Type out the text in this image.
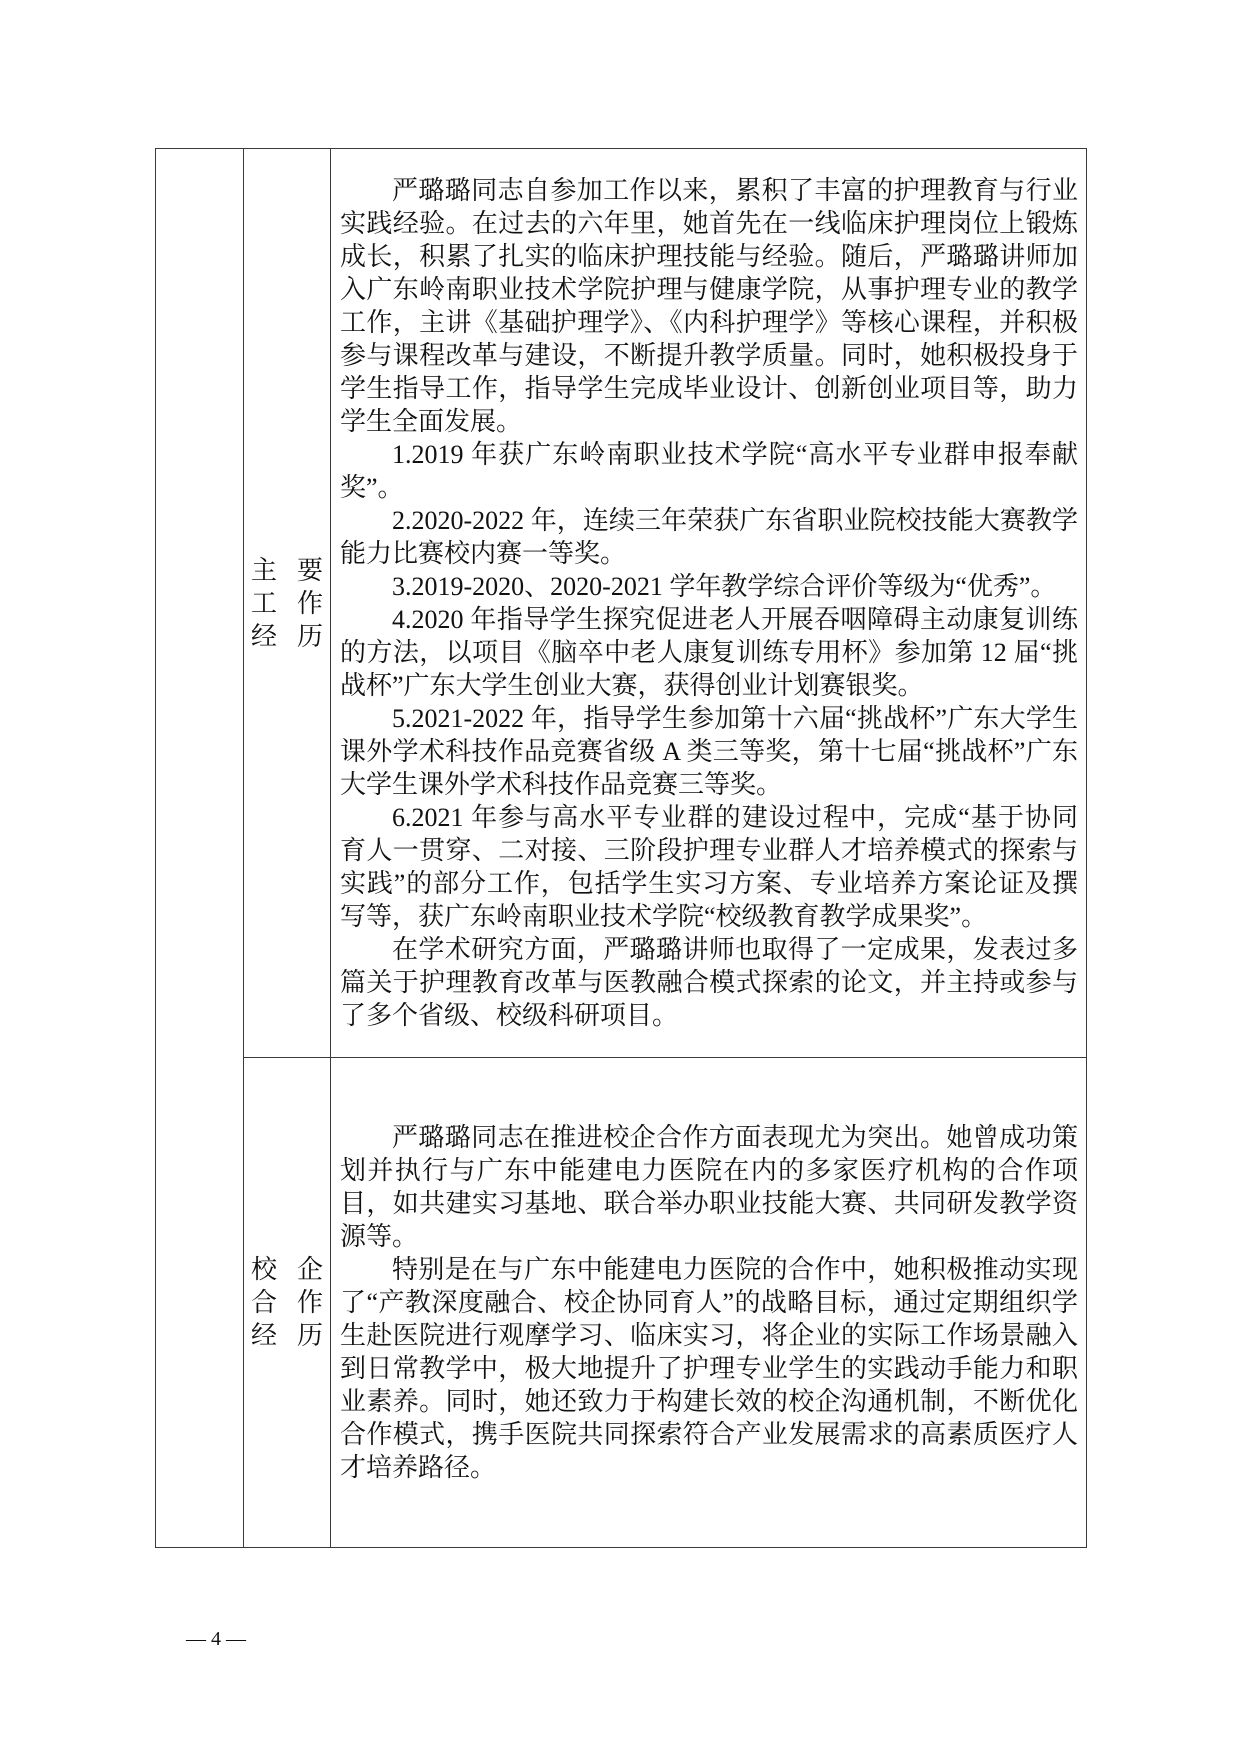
主要
工作
经历

严璐璐同志自参加工作以来，累积了丰富的护理教育与行业实践经验。在过去的六年里，她首先在一线临床护理岗位上锻炼成长，积累了扎实的临床护理技能与经验。随后，严璐璐讲师加入广东岭南职业技术学院护理与健康学院，从事护理专业的教学工作，主讲《基础护理学》、《内科护理学》等核心课程，并积极参与课程改革与建设，不断提升教学质量。同时，她积极投身于学生指导工作，指导学生完成毕业设计、创新创业项目等，助力学生全面发展。

1.2019 年获广东岭南职业技术学院“高水平专业群申报奉献奖”。

2.2020-2022 年，连续三年荣获广东省职业院校技能大赛教学能力比赛校内赛一等奖。

3.2019-2020、2020-2021 学年教学综合评价等级为“优秀”。

4.2020 年指导学生探究促进老人开展吞咽障碍主动康复训练的方法，以项目《脑卒中老人康复训练专用杯》参加第 12 届“挑战杯”广东大学生创业大赛，获得创业计划赛银奖。

5.2021-2022 年，指导学生参加第十六届“挑战杯”广东大学生课外学术科技作品竞赛省级 A 类三等奖，第十七届“挑战杯”广东大学生课外学术科技作品竞赛三等奖。

6.2021 年参与高水平专业群的建设过程中，完成“基于协同育人一贯穿、二对接、三阶段护理专业群人才培养模式的探索与实践”的部分工作，包括学生实习方案、专业培养方案论证及撰写等，获广东岭南职业技术学院“校级教育教学成果奖”。

在学术研究方面，严璐璐讲师也取得了一定成果，发表过多篇关于护理教育改革与医教融合模式探索的论文，并主持或参与了多个省级、校级科研项目。

校企
合作
经历

严璐璐同志在推进校企合作方面表现尤为突出。她曾成功策划并执行与广东中能建电力医院在内的多家医疗机构的合作项目，如共建实习基地、联合举办职业技能大赛、共同研发教学资源等。

特别是在与广东中能建电力医院的合作中，她积极推动实现了“产教深度融合、校企协同育人”的战略目标，通过定期组织学生赴医院进行观摩学习、临床实习，将企业的实际工作场景融入到日常教学中，极大地提升了护理专业学生的实践动手能力和职业素养。同时，她还致力于构建长效的校企沟通机制，不断优化合作模式，携手医院共同探索符合产业发展需求的高素质医疗人才培养路径。

— 4 —
